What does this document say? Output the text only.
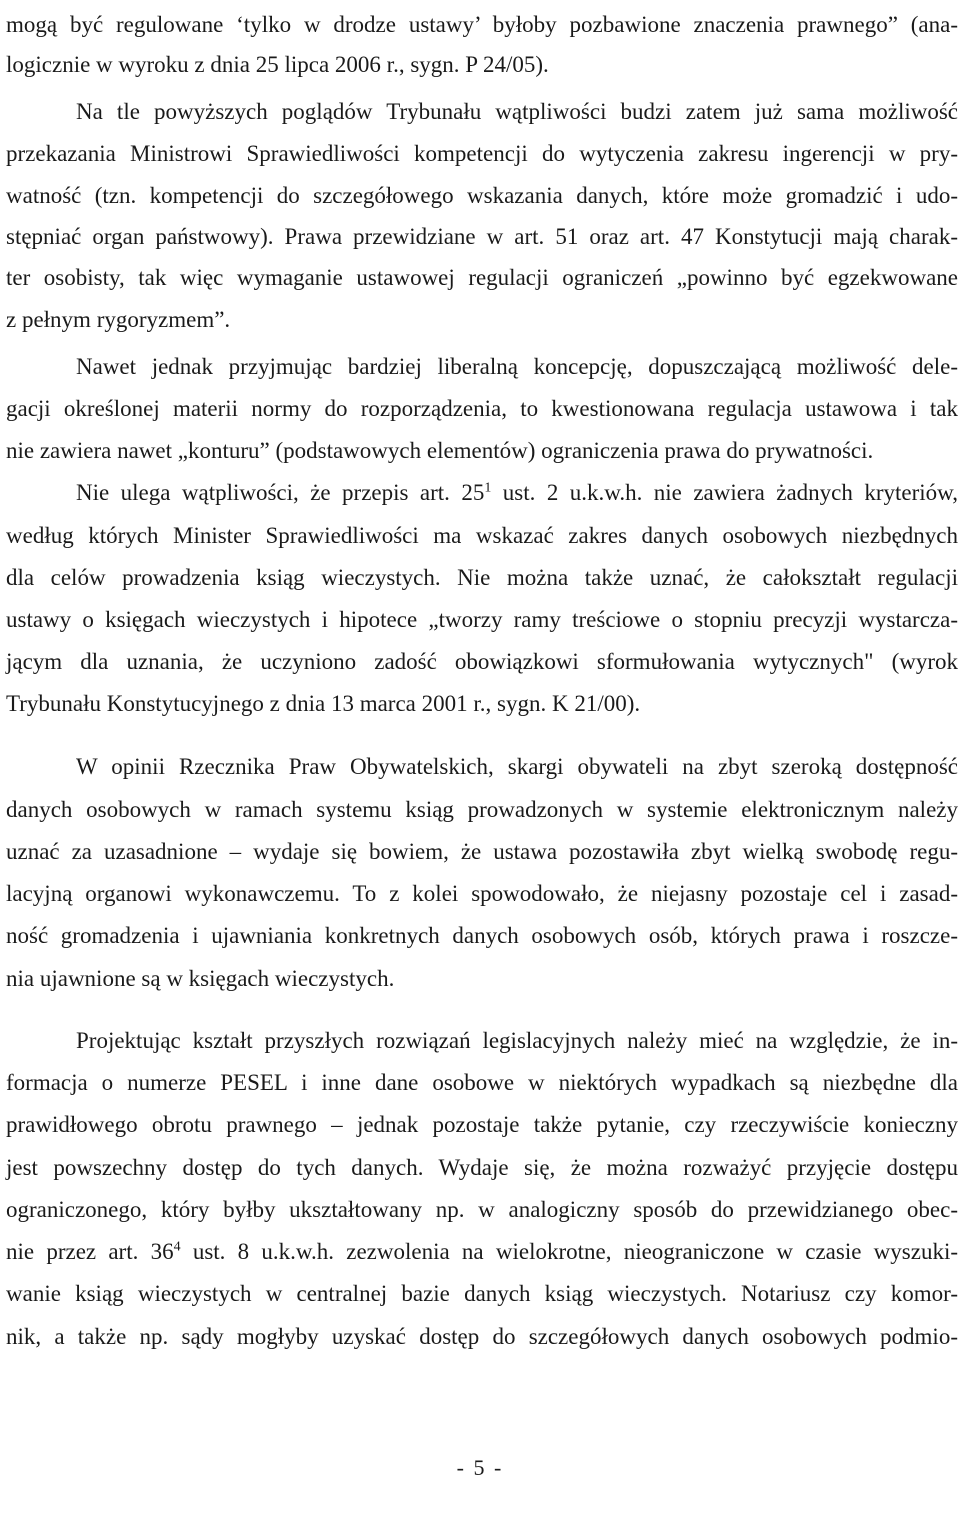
mogą być regulowane ‘tylko w drodze ustawy’ byłoby pozbawione znaczenia prawnego” (ana-
logicznie w wyroku z dnia 25 lipca 2006 r., sygn. P 24/05).
Na tle powyższych poglądów Trybunału wątpliwości budzi zatem już sama możliwość
przekazania Ministrowi Sprawiedliwości kompetencji do wytyczenia zakresu ingerencji w pry-
watność (tzn. kompetencji do szczegółowego wskazania danych, które może gromadzić i udo-
stępniać organ państwowy). Prawa przewidziane w art. 51 oraz art. 47 Konstytucji mają charak-
ter osobisty, tak więc wymaganie ustawowej regulacji ograniczeń „powinno być egzekwowane
z pełnym rygoryzmem”.
Nawet jednak przyjmując bardziej liberalną koncepcję, dopuszczającą możliwość dele-
gacji określonej materii normy do rozporządzenia, to kwestionowana regulacja ustawowa i tak
nie zawiera nawet „konturu” (podstawowych elementów) ograniczenia prawa do prywatności.
Nie ulega wątpliwości, że przepis art. $25^1$ ust. 2 u.k.w.h. nie zawiera żadnych kryteriów,
według których Minister Sprawiedliwości ma wskazać zakres danych osobowych niezbędnych
dla celów prowadzenia ksiąg wieczystych. Nie można także uznać, że całokształt regulacji
ustawy o księgach wieczystych i hipotece „tworzy ramy treściowe o stopniu precyzji wystarcza-
jącym dla uznania, że uczyniono zadość obowiązkowi sformułowania wytycznych" (wyrok
Trybunału Konstytucyjnego z dnia 13 marca 2001 r., sygn. K 21/00).
W opinii Rzecznika Praw Obywatelskich, skargi obywateli na zbyt szeroką dostępność
danych osobowych w ramach systemu ksiąg prowadzonych w systemie elektronicznym należy
uznać za uzasadnione – wydaje się bowiem, że ustawa pozostawiła zbyt wielką swobodę regu-
lacyjną organowi wykonawczemu. To z kolei spowodowało, że niejasny pozostaje cel i zasad-
ność gromadzenia i ujawniania konkretnych danych osobowych osób, których prawa i roszcze-
nia ujawnione są w księgach wieczystych.
Projektując kształt przyszłych rozwiązań legislacyjnych należy mieć na względzie, że in-
formacja o numerze PESEL i inne dane osobowe w niektórych wypadkach są niezbędne dla
prawidłowego obrotu prawnego – jednak pozostaje także pytanie, czy rzeczywiście konieczny
jest powszechny dostęp do tych danych. Wydaje się, że można rozważyć przyjęcie dostępu
ograniczonego, który byłby ukształtowany np. w analogiczny sposób do przewidzianego obec-
nie przez art. $36^4$ ust. 8 u.k.w.h. zezwolenia na wielokrotne, nieograniczone w czasie wyszuki-
wanie ksiąg wieczystych w centralnej bazie danych ksiąg wieczystych. Notariusz czy komor-
nik, a także np. sądy mogłyby uzyskać dostęp do szczegółowych danych osobowych podmio-
- 5 -
